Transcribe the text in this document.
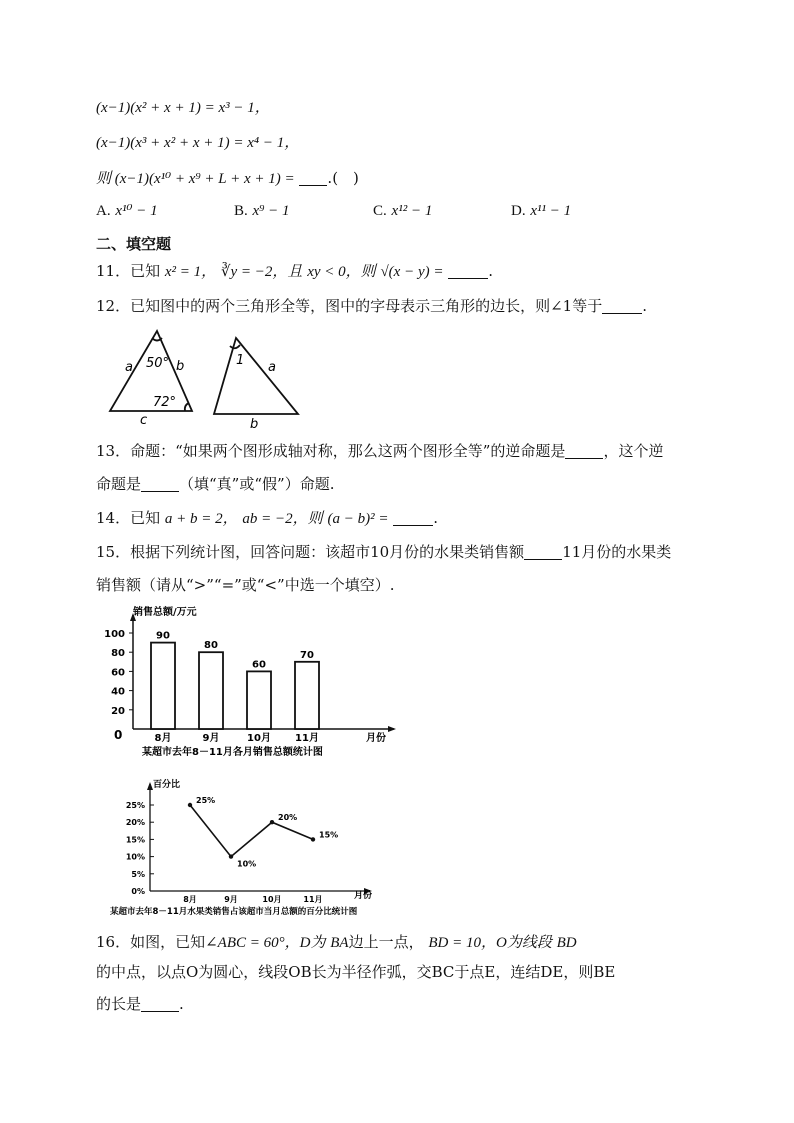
(x−1)(x² + x + 1) = x³ − 1，
(x−1)(x³ + x² + x + 1) = x⁴ − 1，
则 (x−1)(x¹⁰ + x⁹ + L + x + 1) = .(　)
A. x¹⁰ − 1	B. x⁹ − 1	C. x¹² − 1	D. x¹¹ − 1
二、填空题
11．已知 x² = 1， ∛y = −2，且 xy < 0，则 √(x − y) =	.
12．已知图中的两个三角形全等，图中的字母表示三角形的边长，则∠1等于	.
50°
72°
a	b
c
1 a
b
13．命题：“如果两个图形成轴对称，那么这两个图形全等”的逆命题是	，这个逆
命题是	（填“真”或“假”）命题.
14．已知 a + b = 2， ab = −2，则 (a − b)² =	.
15．根据下列统计图，回答问题：该超市10月份的水果类销售额	11月份的水果类
销售额（请从“>”“=”或“<”中选一个填空）.
销售总额/万元
月份
0
20
40
60
80
100	90
8月
80
9月
60
10月
70
11月
某超市去年8－11月各月销售总额统计图
百分比
月份
0%
5%
10%
15%
20%
25%
25%
8月
10%
9月
20%
10月
15%
11月
某超市去年8－11月水果类销售占该超市当月总额的百分比统计图
16．如图，已知∠ABC = 60°，D为 BA边上一点， BD = 10，O为线段 BD
的中点，以点O为圆心，线段OB长为半径作弧，交BC于点E，连结DE，则BE
的长是	.
